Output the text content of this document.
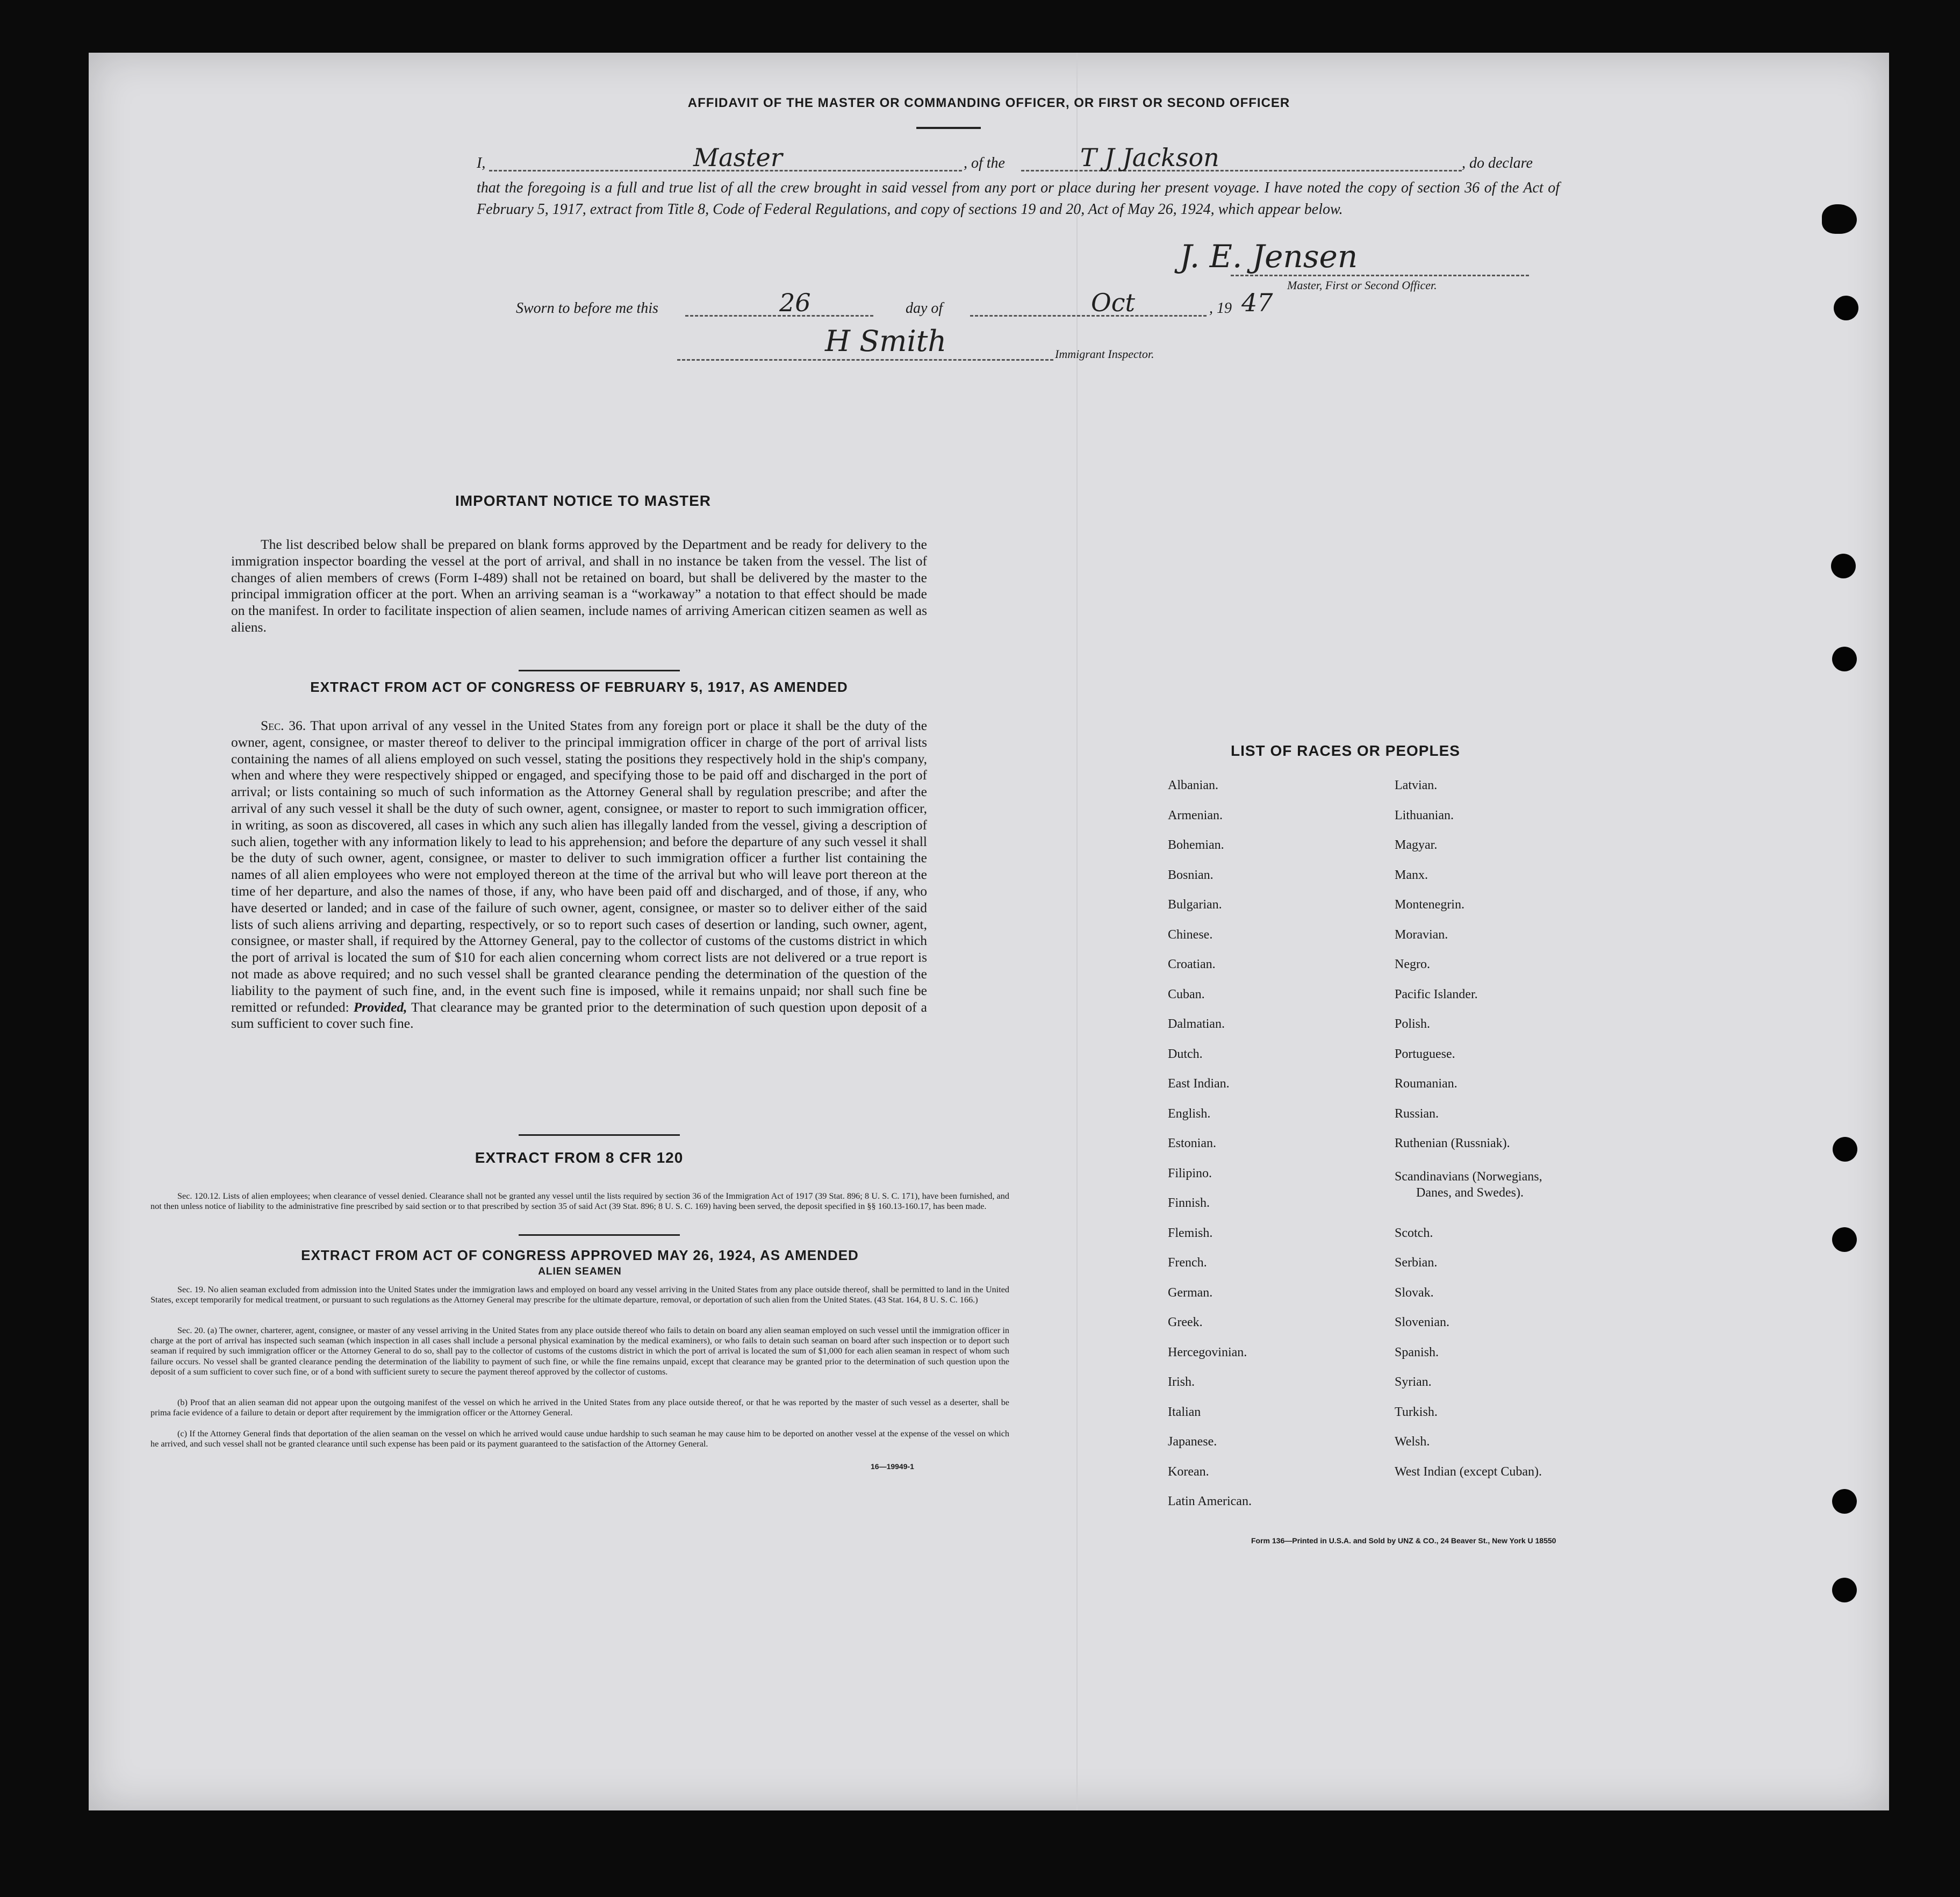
AFFIDAVIT OF THE MASTER OR COMMANDING OFFICER, OR FIRST OR SECOND OFFICER
I,	Master	, of the	T J Jackson	, do declare
that the foregoing is a full and true list of all the crew brought in said vessel from any port or place during her present voyage. I have noted the copy of section 36 of the Act of February 5, 1917, extract from Title 8, Code of Federal Regulations, and copy of sections 19 and 20, Act of May 26, 1924, which appear below.
J. E. Jensen
Master, First or Second Officer.
Sworn to before me this	26	day of	Oct	, 19 47
H Smith	Immigrant Inspector.
IMPORTANT NOTICE TO MASTER
The list described below shall be prepared on blank forms approved by the Department and be ready for delivery to the immigration inspector boarding the vessel at the port of arrival, and shall in no instance be taken from the vessel. The list of changes of alien members of crews (Form I-489) shall not be retained on board, but shall be delivered by the master to the principal immigration officer at the port. When an arriving seaman is a “workaway” a notation to that effect should be made on the manifest. In order to facilitate inspection of alien seamen, include names of arriving American citizen seamen as well as aliens.
EXTRACT FROM ACT OF CONGRESS OF FEBRUARY 5, 1917, AS AMENDED
Sec. 36. That upon arrival of any vessel in the United States from any foreign port or place it shall be the duty of the owner, agent, consignee, or master thereof to deliver to the principal immigration officer in charge of the port of arrival lists containing the names of all aliens employed on such vessel, stating the positions they respectively hold in the ship's company, when and where they were respectively shipped or engaged, and specifying those to be paid off and discharged in the port of arrival; or lists containing so much of such information as the Attorney General shall by regulation prescribe; and after the arrival of any such vessel it shall be the duty of such owner, agent, consignee, or master to report to such immigration officer, in writing, as soon as discovered, all cases in which any such alien has illegally landed from the vessel, giving a description of such alien, together with any information likely to lead to his apprehension; and before the departure of any such vessel it shall be the duty of such owner, agent, consignee, or master to deliver to such immigration officer a further list containing the names of all alien employees who were not employed thereon at the time of the arrival but who will leave port thereon at the time of her departure, and also the names of those, if any, who have been paid off and discharged, and of those, if any, who have deserted or landed; and in case of the failure of such owner, agent, consignee, or master so to deliver either of the said lists of such aliens arriving and departing, respectively, or so to report such cases of desertion or landing, such owner, agent, consignee, or master shall, if required by the Attorney General, pay to the collector of customs of the customs district in which the port of arrival is located the sum of $10 for each alien concerning whom correct lists are not delivered or a true report is not made as above required; and no such vessel shall be granted clearance pending the determination of the question of the liability to the payment of such fine, and, in the event such fine is imposed, while it remains unpaid; nor shall such fine be remitted or refunded: Provided, That clearance may be granted prior to the determination of such question upon deposit of a sum sufficient to cover such fine.
EXTRACT FROM 8 CFR 120
Sec. 120.12. Lists of alien employees; when clearance of vessel denied. Clearance shall not be granted any vessel until the lists required by section 36 of the Immigration Act of 1917 (39 Stat. 896; 8 U. S. C. 171), have been furnished, and not then unless notice of liability to the administrative fine prescribed by said section or to that prescribed by section 35 of said Act (39 Stat. 896; 8 U. S. C. 169) having been served, the deposit specified in §§ 160.13-160.17, has been made.
EXTRACT FROM ACT OF CONGRESS APPROVED MAY 26, 1924, AS AMENDED
ALIEN SEAMEN
Sec. 19. No alien seaman excluded from admission into the United States under the immigration laws and employed on board any vessel arriving in the United States from any place outside thereof, shall be permitted to land in the United States, except temporarily for medical treatment, or pursuant to such regulations as the Attorney General may prescribe for the ultimate departure, removal, or deportation of such alien from the United States. (43 Stat. 164, 8 U. S. C. 166.)
Sec. 20. (a) The owner, charterer, agent, consignee, or master of any vessel arriving in the United States from any place outside thereof who fails to detain on board any alien seaman employed on such vessel until the immigration officer in charge at the port of arrival has inspected such seaman (which inspection in all cases shall include a personal physical examination by the medical examiners), or who fails to detain such seaman on board after such inspection or to deport such seaman if required by such immigration officer or the Attorney General to do so, shall pay to the collector of customs of the customs district in which the port of arrival is located the sum of $1,000 for each alien seaman in respect of whom such failure occurs. No vessel shall be granted clearance pending the determination of the liability to payment of such fine, or while the fine remains unpaid, except that clearance may be granted prior to the determination of such question upon the deposit of a sum sufficient to cover such fine, or of a bond with sufficient surety to secure the payment thereof approved by the collector of customs.
(b) Proof that an alien seaman did not appear upon the outgoing manifest of the vessel on which he arrived in the United States from any place outside thereof, or that he was reported by the master of such vessel as a deserter, shall be prima facie evidence of a failure to detain or deport after requirement by the immigration officer or the Attorney General.
(c) If the Attorney General finds that deportation of the alien seaman on the vessel on which he arrived would cause undue hardship to such seaman he may cause him to be deported on another vessel at the expense of the vessel on which he arrived, and such vessel shall not be granted clearance until such expense has been paid or its payment guaranteed to the satisfaction of the Attorney General.
16—19949-1
LIST OF RACES OR PEOPLES
Albanian.
Armenian.
Bohemian.
Bosnian.
Bulgarian.
Chinese.
Croatian.
Cuban.
Dalmatian.
Dutch.
East Indian.
English.
Estonian.
Filipino.
Finnish.
Flemish.
French.
German.
Greek.
Hercegovinian.
Irish.
Italian
Japanese.
Korean.
Latin American.
Latvian.
Lithuanian.
Magyar.
Manx.
Montenegrin.
Moravian.
Negro.
Pacific Islander.
Polish.
Portuguese.
Roumanian.
Russian.
Ruthenian (Russniak).
Scandinavians (Norwegians,
Danes, and Swedes).
Scotch.
Serbian.
Slovak.
Slovenian.
Spanish.
Syrian.
Turkish.
Welsh.
West Indian (except Cuban).
Form 136—Printed in U.S.A. and Sold by UNZ & CO., 24 Beaver St., New York U 18550
